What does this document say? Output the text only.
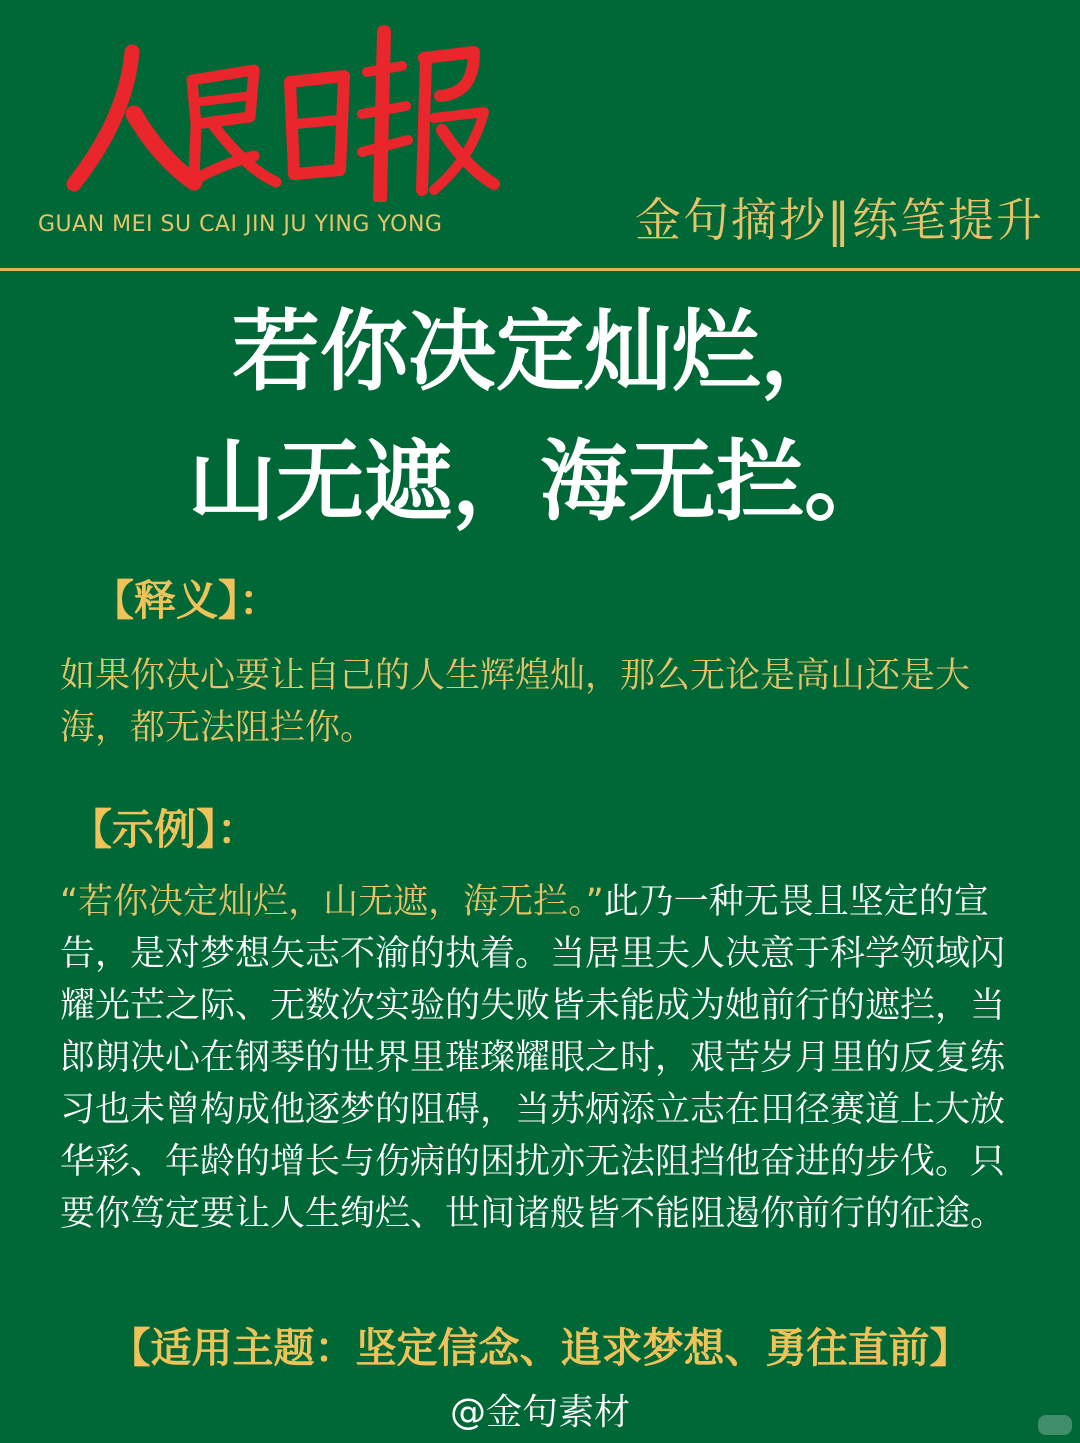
GUAN MEI SU CAI JIN JU YING YONG	金句摘抄‖练笔提升
若你决定灿烂，
山无遮，海无拦。
【释义】：
如果你决心要让自己的人生辉煌灿，那么无论是高山还是大海，都无法阻拦你。
【示例】：
“若你决定灿烂，山无遮，海无拦。”此乃一种无畏且坚定的宣告，是对梦想矢志不渝的执着。当居里夫人决意于科学领域闪耀光芒之际、无数次实验的失败皆未能成为她前行的遮拦，当郎朗决心在钢琴的世界里璀璨耀眼之时，艰苦岁月里的反复练习也未曾构成他逐梦的阻碍，当苏炳添立志在田径赛道上大放华彩、年龄的增长与伤病的困扰亦无法阻挡他奋进的步伐。只要你笃定要让人生绚烂、世间诸般皆不能阻遏你前行的征途。
【适用主题：坚定信念、追求梦想、勇往直前】
@金句素材
